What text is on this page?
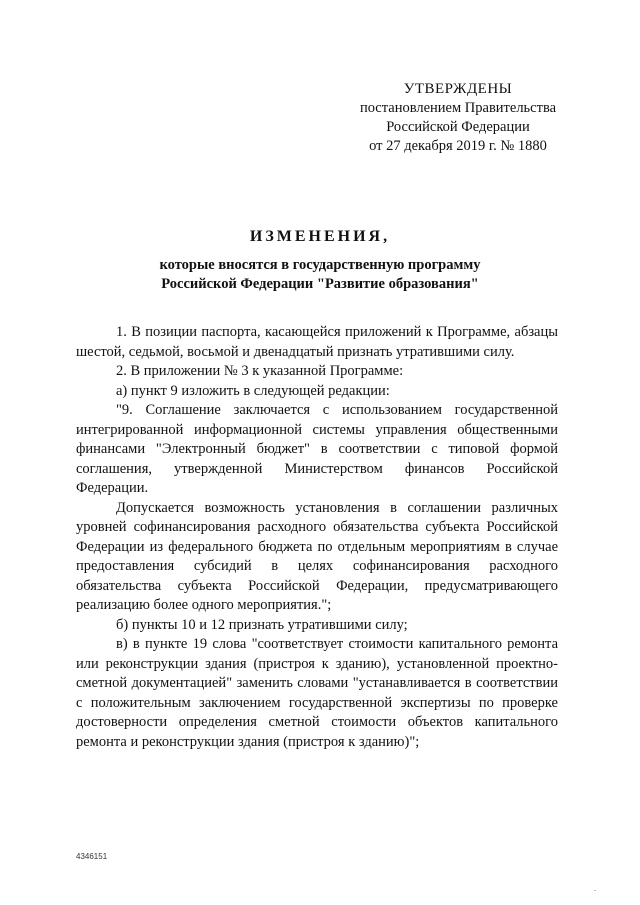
УТВЕРЖДЕНЫ
постановлением Правительства
Российской Федерации
от 27 декабря 2019 г. № 1880
ИЗМЕНЕНИЯ,
которые вносятся в государственную программу
Российской Федерации "Развитие образования"

1. В позиции паспорта, касающейся приложений к Программе, абзацы шестой, седьмой, восьмой и двенадцатый признать утратившими силу.

2. В приложении № 3 к указанной Программе:

а) пункт 9 изложить в следующей редакции:

"9. Соглашение заключается с использованием государственной интегрированной информационной системы управления общественными финансами "Электронный бюджет" в соответствии с типовой формой соглашения, утвержденной Министерством финансов Российской Федерации.

Допускается возможность установления в соглашении различных уровней софинансирования расходного обязательства субъекта Российской Федерации из федерального бюджета по отдельным мероприятиям в случае предоставления субсидий в целях софинансирования расходного обязательства субъекта Российской Федерации, предусматривающего реализацию более одного мероприятия.";

б) пункты 10 и 12 признать утратившими силу;

в) в пункте 19 слова "соответствует стоимости капитального ремонта или реконструкции здания (пристроя к зданию), установленной проектно-сметной документацией" заменить словами "устанавливается в соответствии с положительным заключением государственной экспертизы по проверке достоверности определения сметной стоимости объектов капитального ремонта и реконструкции здания (пристроя к зданию)";

4346151
.
